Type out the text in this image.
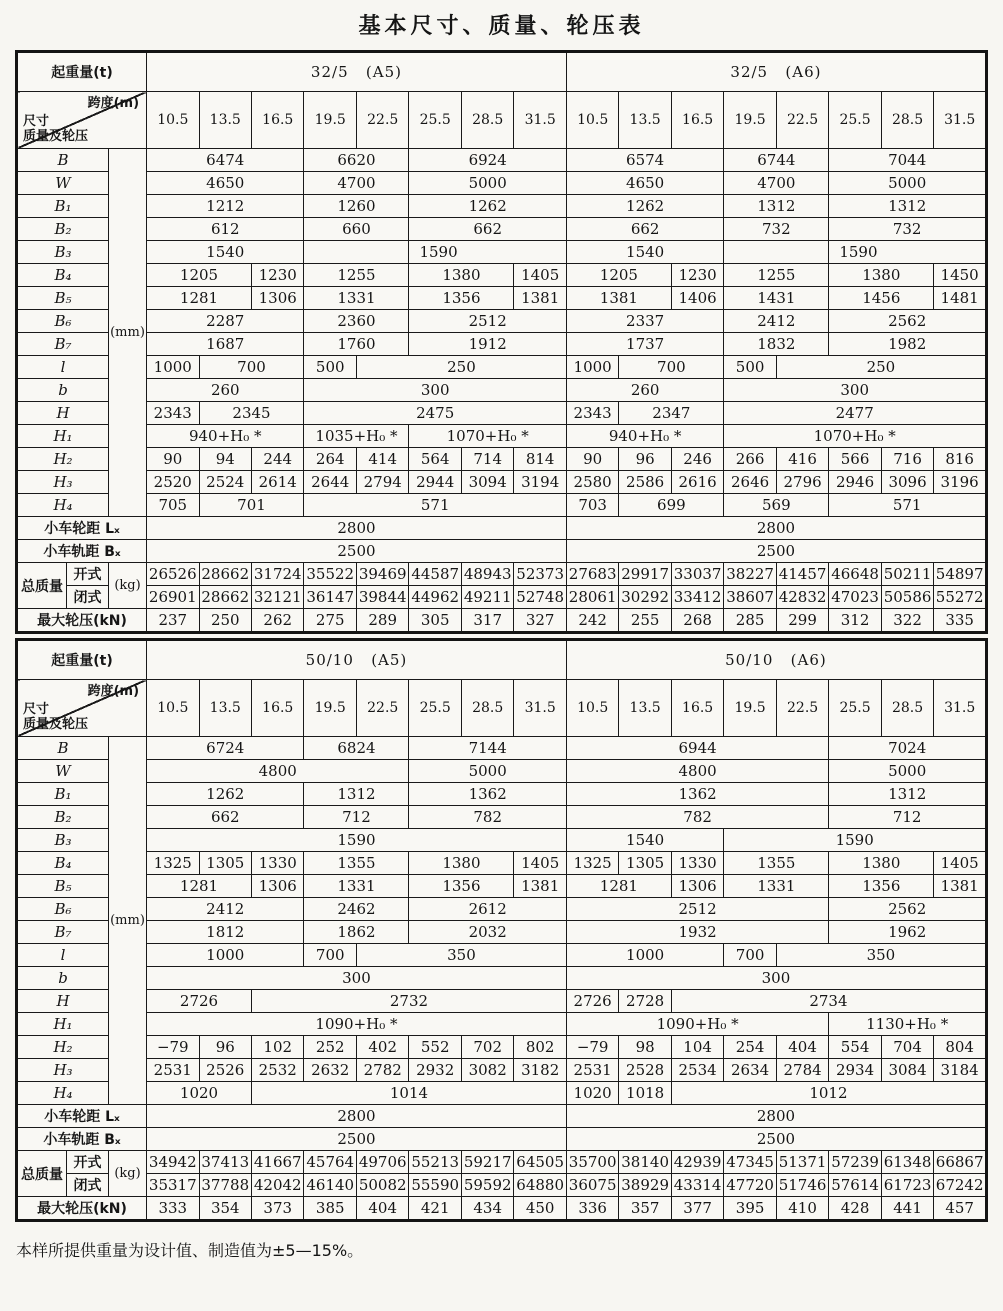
基本尺寸、质量、轮压表
起重量(t)			32/5   (A5)								32/5   (A6)							

跨度(m)
尺寸
质量及轮压			10.5	13.5	16.5	19.5	22.5	25.5	28.5	31.5	10.5	13.5	16.5	19.5	22.5	25.5	28.5	31.5
B		(mm)	6474			6620		6924			6574			6744		7044		
W			4650			4700		5000			4650			4700		5000		
B₁			1212			1260		1262			1262			1312		1312		
B₂			612			660		662			662			732		732		
B₃			1540					1590			1540					1590		
B₄			1205		1230	1255		1380		1405	1205		1230	1255		1380		1450
B₅			1281		1306	1331		1356		1381	1381		1406	1431		1456		1481
B₆			2287			2360		2512			2337			2412		2562		
B₇			1687			1760		1912			1737			1832		1982		
l			1000	700		500	250				1000	700		500	250			
b			260			300					260			300				
H			2343	2345		2475					2343	2347		2477				
H₁			940+H₀ *			1035+H₀ *		1070+H₀ *			940+H₀ *			1070+H₀ *				
H₂			90	94	244	264	414	564	714	814	90	96	246	266	416	566	716	816
H₃			2520	2524	2614	2644	2794	2944	3094	3194	2580	2586	2616	2646	2796	2946	3096	3196
H₄			705	701		571					703	699		569		571		
小车轮距 Lₓ			2800								2800							
小车轨距 Bₓ			2500								2500							
总质量	开式	(kg)	26526	28662	31724	35522	39469	44587	48943	52373	27683	29917	33037	38227	41457	46648	50211	54897
	闭式		26901	28662	32121	36147	39844	44962	49211	52748	28061	30292	33412	38607	42832	47023	50586	55272
最大轮压(kN)			237	250	262	275	289	305	317	327	242	255	268	285	299	312	322	335
起重量(t)			50/10   (A5)								50/10   (A6)							

跨度(m)
尺寸
质量及轮压			10.5	13.5	16.5	19.5	22.5	25.5	28.5	31.5	10.5	13.5	16.5	19.5	22.5	25.5	28.5	31.5
B		(mm)	6724			6824		7144			6944					7024		
W			4800					5000			4800					5000		
B₁			1262			1312		1362			1362					1312		
B₂			662			712		782			782					712		
B₃			1590								1540			1590				
B₄			1325	1305	1330	1355		1380		1405	1325	1305	1330	1355		1380		1405
B₅			1281		1306	1331		1356		1381	1281		1306	1331		1356		1381
B₆			2412			2462		2612			2512					2562		
B₇			1812			1862		2032			1932					1962		
l			1000			700	350				1000			700	350			
b			300								300							
H			2726		2732						2726	2728	2734					
H₁			1090+H₀ *								1090+H₀ *					1130+H₀ *		
H₂			−79	96	102	252	402	552	702	802	−79	98	104	254	404	554	704	804
H₃			2531	2526	2532	2632	2782	2932	3082	3182	2531	2528	2534	2634	2784	2934	3084	3184
H₄			1020		1014						1020	1018	1012					
小车轮距 Lₓ			2800								2800							
小车轨距 Bₓ			2500								2500							
总质量	开式	(kg)	34942	37413	41667	45764	49706	55213	59217	64505	35700	38140	42939	47345	51371	57239	61348	66867
	闭式		35317	37788	42042	46140	50082	55590	59592	64880	36075	38929	43314	47720	51746	57614	61723	67242
最大轮压(kN)			333	354	373	385	404	421	434	450	336	357	377	395	410	428	441	457
本样所提供重量为设计值、制造值为±5—15%。
